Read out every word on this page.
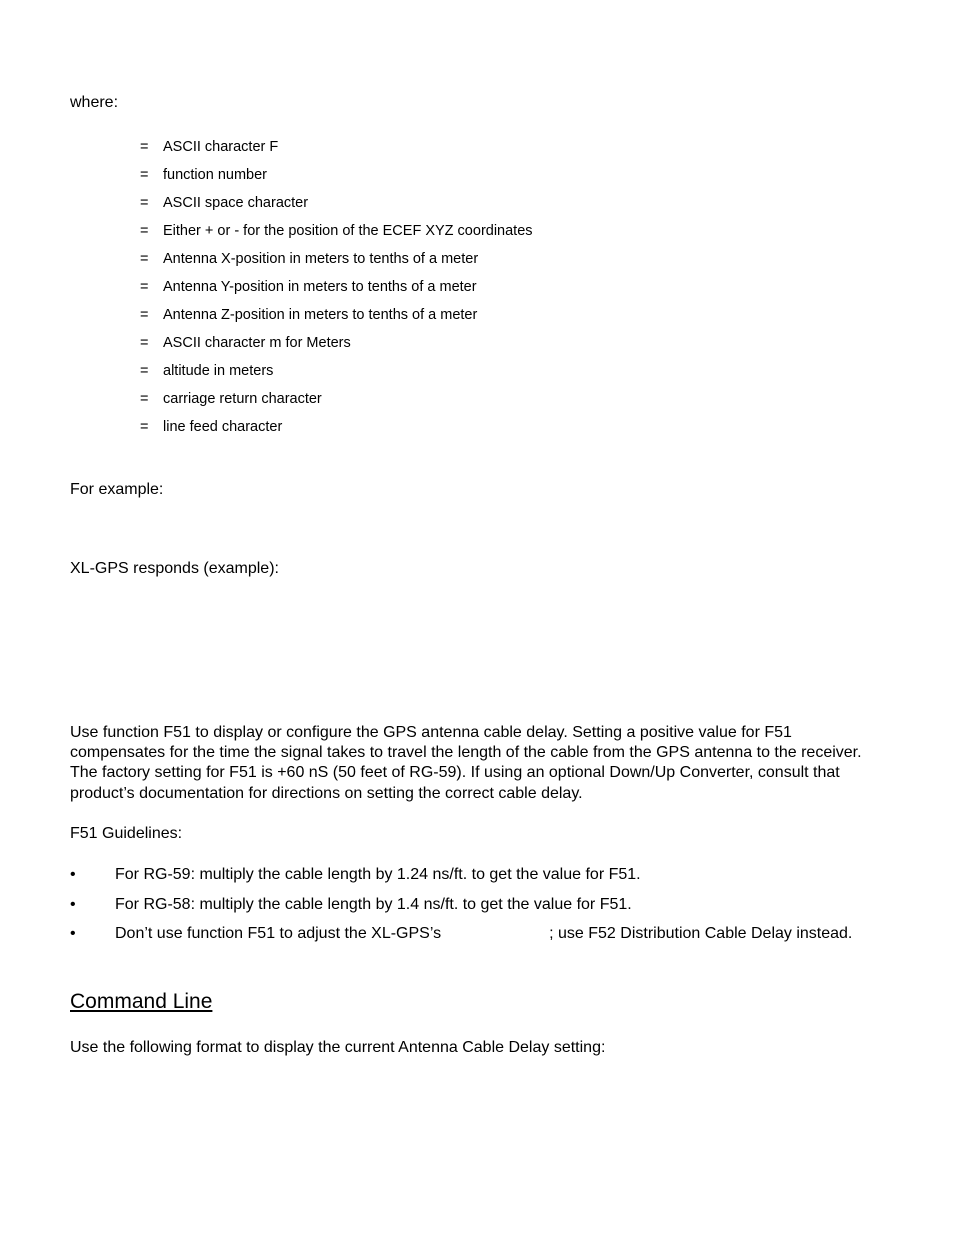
where:

=	ASCII character F
=	function number
=	ASCII space character
=	Either + or - for the position of the ECEF XYZ coordinates
=	Antenna X-position in meters to tenths of a meter
=	Antenna Y-position in meters to tenths of a meter
=	Antenna Z-position in meters to tenths of a meter
=	ASCII character m for Meters
=	altitude in meters
=	carriage return character
=	line feed character

For example:

XL-GPS responds (example):

Use function F51 to display or configure the GPS antenna cable delay. Setting a positive value for F51 compensates for the time the signal takes to travel the length of the cable from the GPS antenna to the receiver. The factory setting for F51 is +60 nS (50 feet of RG-59). If using an optional Down/Up Converter, consult that product’s documentation for directions on setting the correct cable delay.

F51 Guidelines:

•	For RG-59: multiply the cable length by 1.24 ns/ft. to get the value for F51.
•	For RG-58: multiply the cable length by 1.4 ns/ft. to get the value for F51.
•	Don’t use function F51 to adjust the XL-GPS’s	; use F52 Distribution Cable Delay instead.
Command Line

Use the following format to display the current Antenna Cable Delay setting:
